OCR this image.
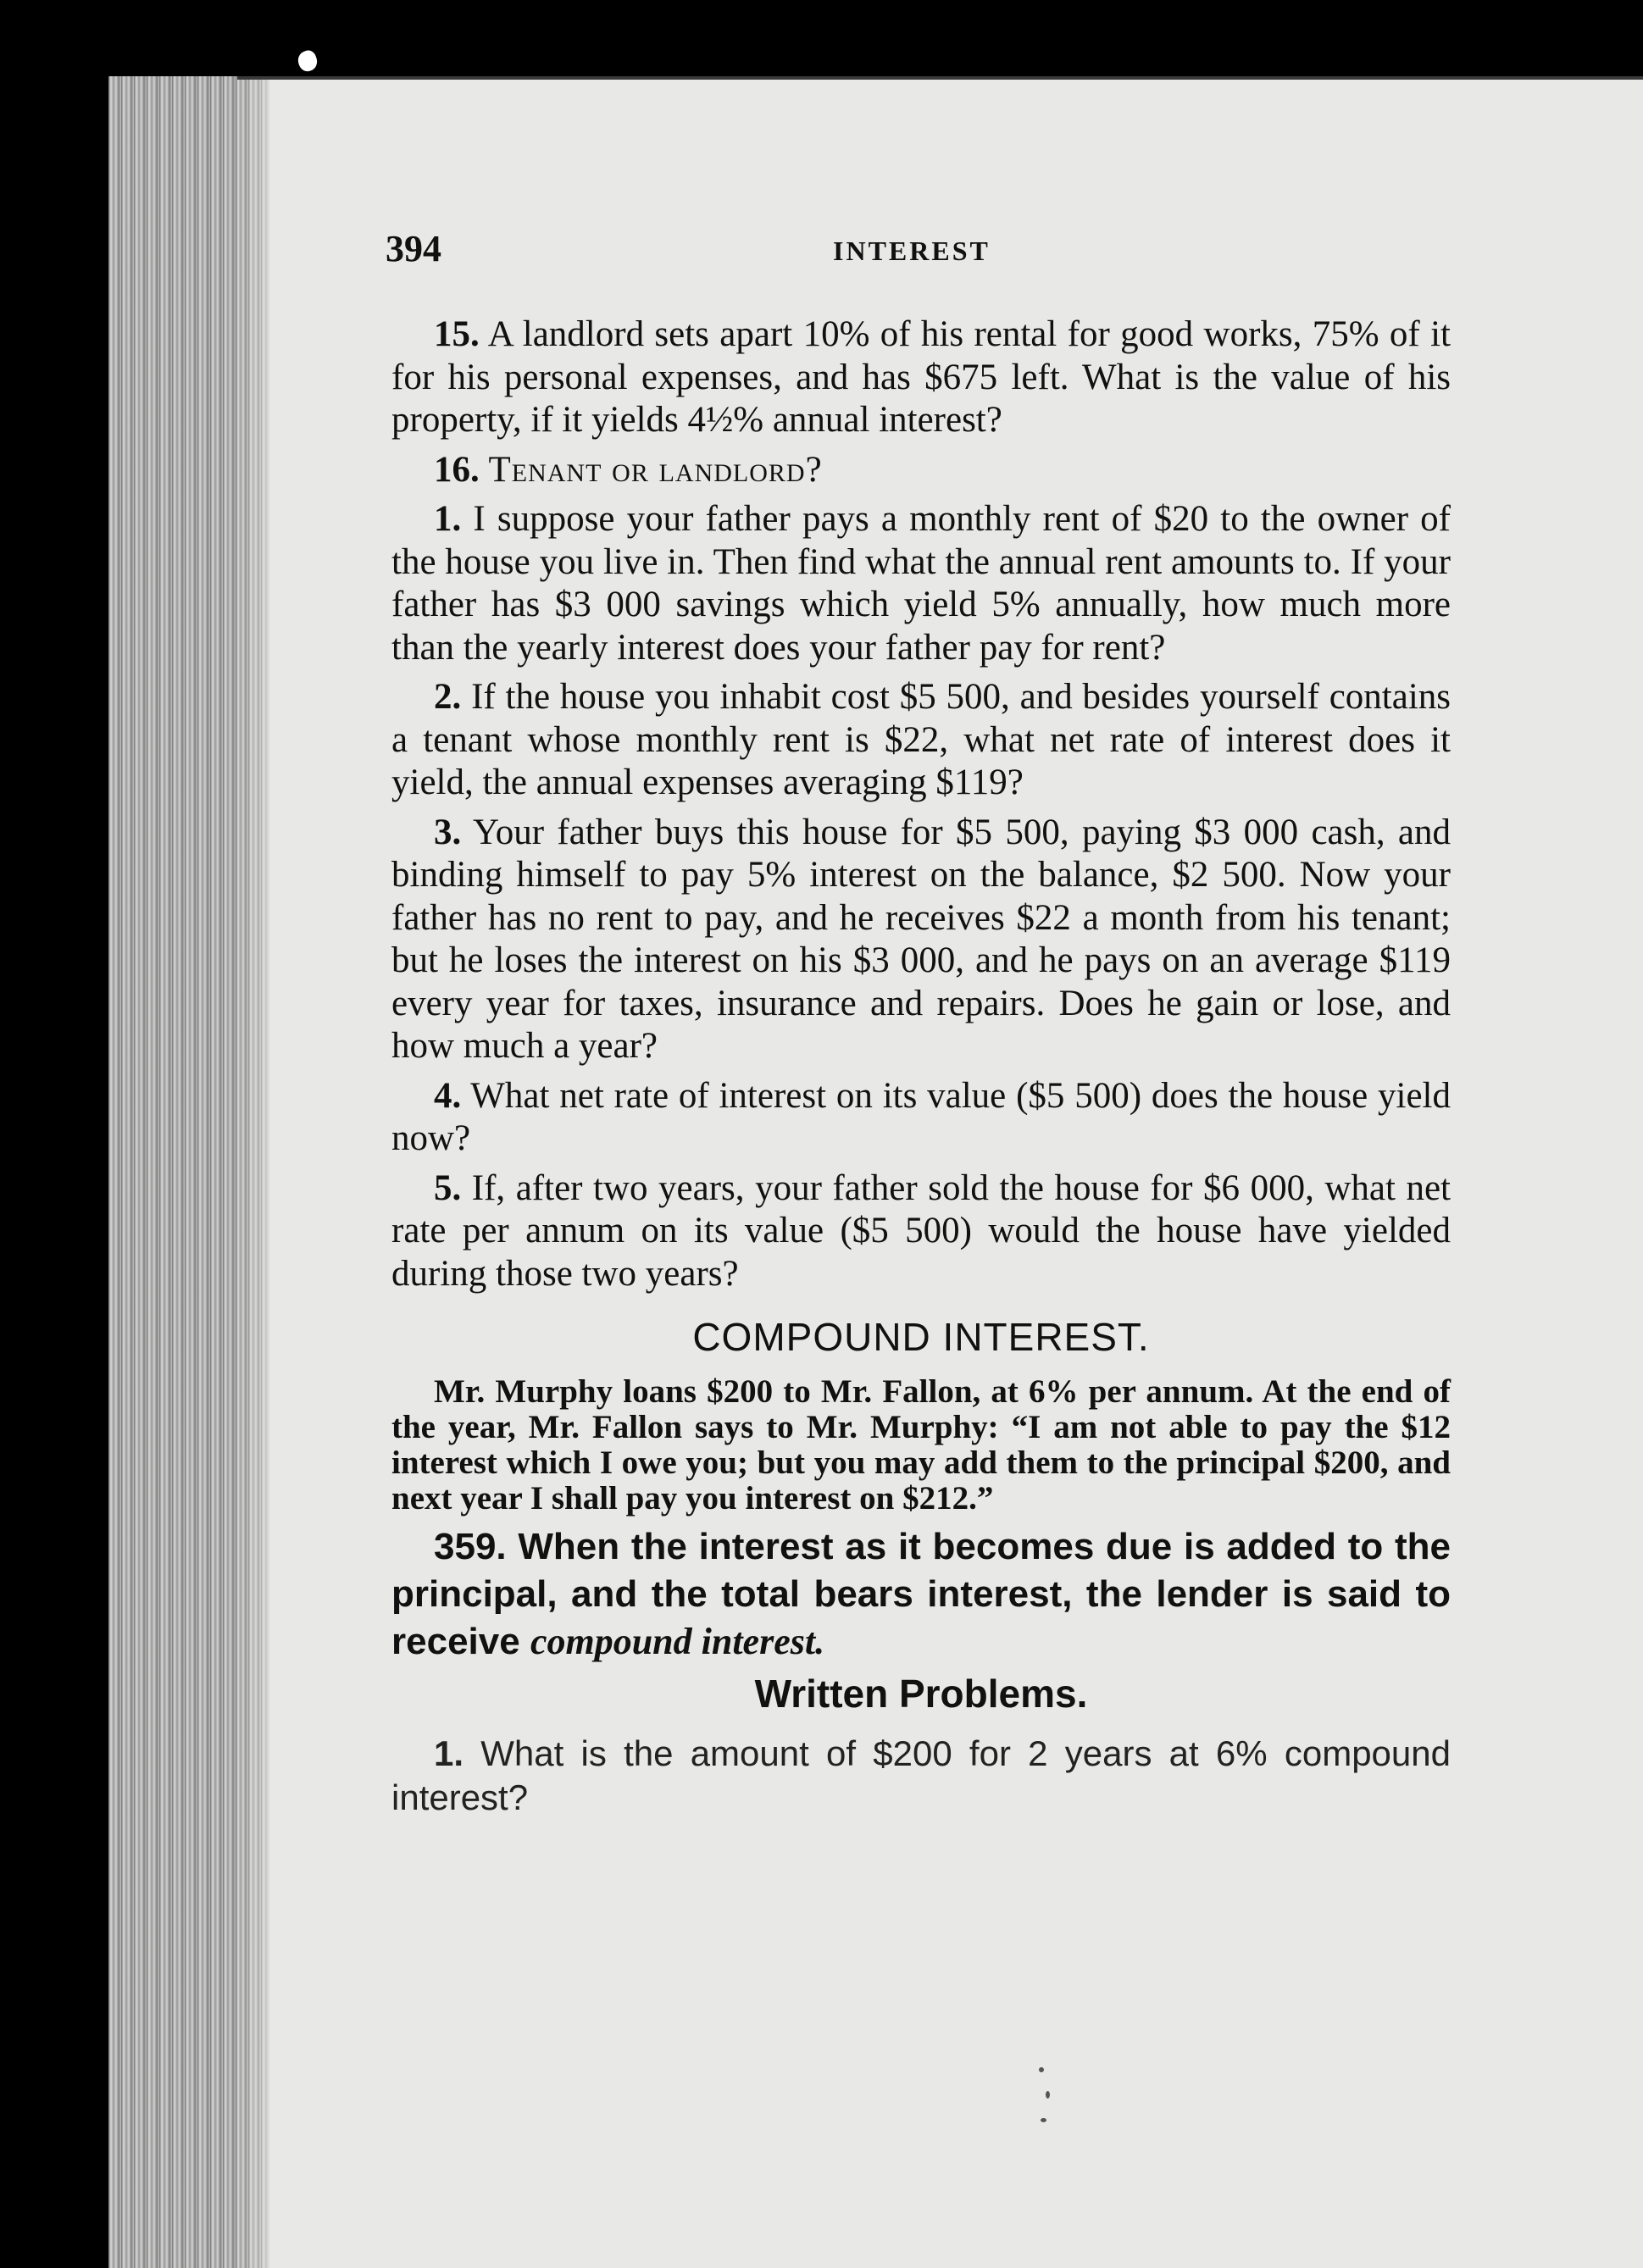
394	INTEREST

15. A landlord sets apart 10% of his rental for good works, 75% of it for his personal expenses, and has $675 left. What is the value of his property, if it yields 4½% annual interest?

16. Tenant or landlord?

1. I suppose your father pays a monthly rent of $20 to the owner of the house you live in. Then find what the annual rent amounts to. If your father has $3 000 savings which yield 5% annually, how much more than the yearly interest does your father pay for rent?

2. If the house you inhabit cost $5 500, and besides yourself contains a tenant whose monthly rent is $22, what net rate of interest does it yield, the annual expenses averaging $119?

3. Your father buys this house for $5 500, paying $3 000 cash, and binding himself to pay 5% interest on the balance, $2 500. Now your father has no rent to pay, and he receives $22 a month from his tenant; but he loses the interest on his $3 000, and he pays on an average $119 every year for taxes, insurance and repairs. Does he gain or lose, and how much a year?

4. What net rate of interest on its value ($5 500) does the house yield now?

5. If, after two years, your father sold the house for $6 000, what net rate per annum on its value ($5 500) would the house have yielded during those two years?

COMPOUND INTEREST.

Mr. Murphy loans $200 to Mr. Fallon, at 6% per annum. At the end of the year, Mr. Fallon says to Mr. Murphy: “I am not able to pay the $12 interest which I owe you; but you may add them to the principal $200, and next year I shall pay you interest on $212.”

359. When the interest as it becomes due is added to the principal, and the total bears interest, the lender is said to receive compound interest.

Written Problems.

1. What is the amount of $200 for 2 years at 6% compound interest?
